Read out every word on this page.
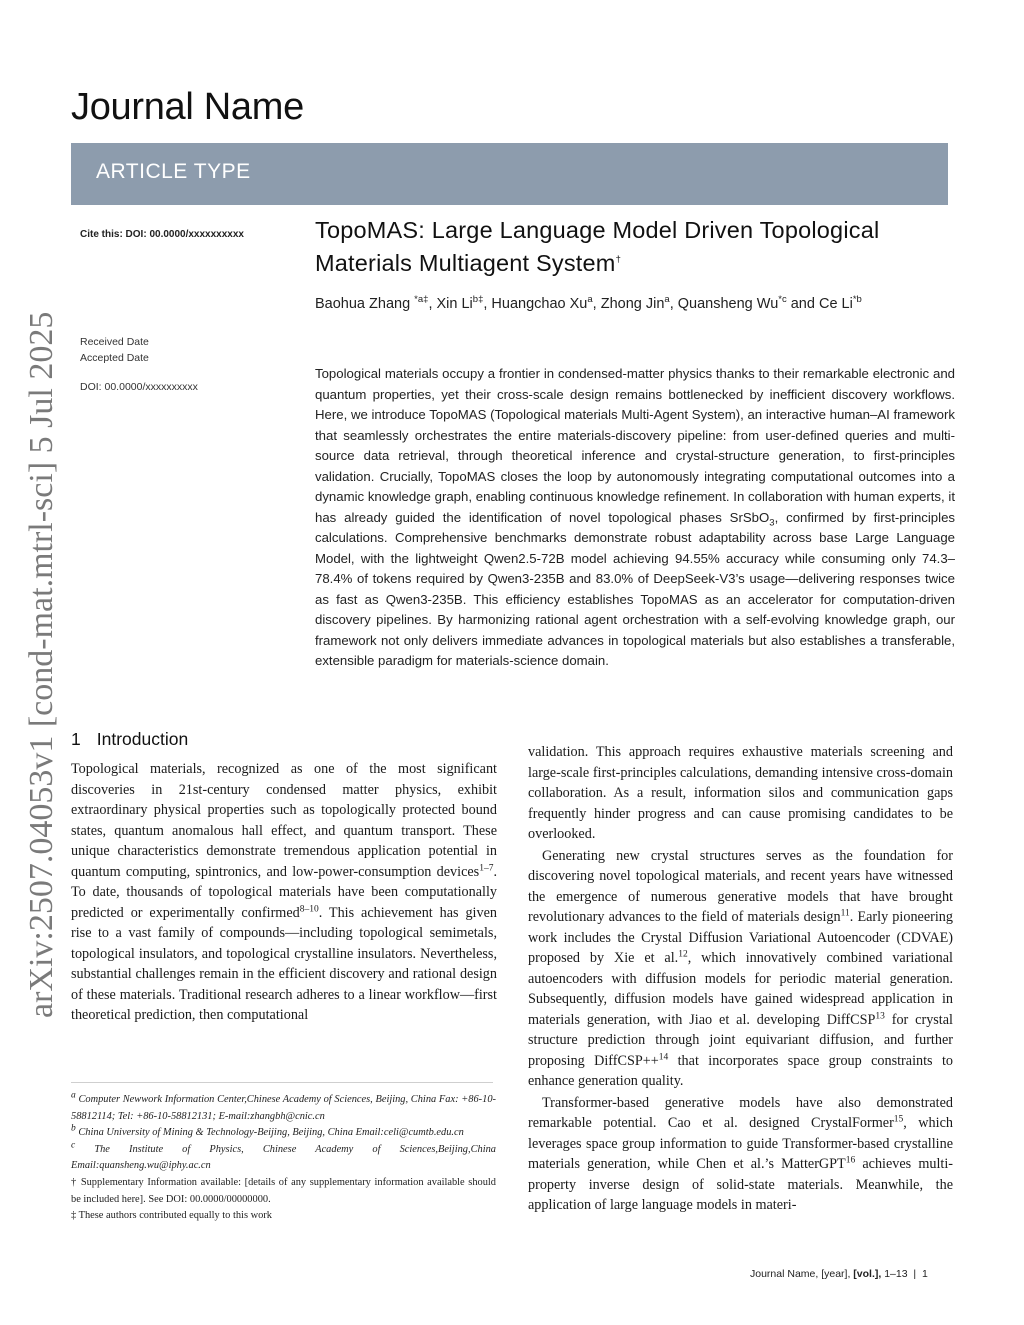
Journal Name
ARTICLE TYPE
Cite this: DOI: 00.0000/xxxxxxxxxx
Received Date
Accepted Date
DOI: 00.0000/xxxxxxxxxx
arXiv:2507.04053v1 [cond-mat.mtrl-sci] 5 Jul 2025
TopoMAS: Large Language Model Driven Topological
Materials Multiagent System†
Baohua Zhang $^{*a\ddagger}$, Xin $Li^{b\ddagger}$, Huangchao Xu$^a$, Zhong Jin$^a$, Quansheng Wu$^{*c}$ and Ce Li$^{*b}$
Topological materials occupy a frontier in condensed-matter physics thanks to their remarkable electronic and quantum properties, yet their cross-scale design remains bottlenecked by inefficient discovery workflows. Here, we introduce TopoMAS (Topological materials Multi-Agent System), an interactive human–AI framework that seamlessly orchestrates the entire materials-discovery pipeline: from user-defined queries and multi-source data retrieval, through theoretical inference and crystal-structure generation, to first-principles validation. Crucially, TopoMAS closes the loop by autonomously integrating computational outcomes into a dynamic knowledge graph, enabling continuous knowledge refinement. In collaboration with human experts, it has already guided the identification of novel topological phases SrSbO$_3$, confirmed by first-principles calculations. Comprehensive benchmarks demonstrate robust adaptability across base Large Language Model, with the lightweight Qwen2.5-72B model achieving 94.55% accuracy while consuming only 74.3–78.4% of tokens required by Qwen3-235B and 83.0% of DeepSeek-V3’s usage—delivering responses twice as fast as Qwen3-235B. This efficiency establishes TopoMAS as an accelerator for computation-driven discovery pipelines. By harmonizing rational agent orchestration with a self-evolving knowledge graph, our framework not only delivers immediate advances in topological materials but also establishes a transferable, extensible paradigm for materials-science domain.
1 Introduction

Topological materials, recognized as one of the most significant discoveries in 21st-century condensed matter physics, exhibit extraordinary physical properties such as topologically protected bound states, quantum anomalous hall effect, and quantum transport. These unique characteristics demonstrate tremendous application potential in quantum computing, spintronics, and low-power-consumption devices$^{1-7}$. To date, thousands of topological materials have been computationally predicted or experimentally confirmed$^{8-10}$. This achievement has given rise to a vast family of compounds—including topological semimetals, topological insulators, and topological crystalline insulators. Nevertheless, substantial challenges remain in the efficient discovery and rational design of these materials. Traditional research adheres to a linear workflow—first theoretical prediction, then computational

validation. This approach requires exhaustive materials screening and large-scale first-principles calculations, demanding intensive cross-domain collaboration. As a result, information silos and communication gaps frequently hinder progress and can cause promising candidates to be overlooked.

Generating new crystal structures serves as the foundation for discovering novel topological materials, and recent years have witnessed the emergence of numerous generative models that have brought revolutionary advances to the field of materials design$^{11}$. Early pioneering work includes the Crystal Diffusion Variational Autoencoder (CDVAE) proposed by Xie et al.$^{12}$, which innovatively combined variational autoencoders with diffusion models for periodic material generation. Subsequently, diffusion models have gained widespread application in materials generation, with Jiao et al. developing DiffCSP$^{13}$ for crystal structure prediction through joint equivariant diffusion, and further proposing DiffCSP++$^{14}$ that incorporates space group constraints to enhance generation quality.

Transformer-based generative models have also demonstrated remarkable potential. Cao et al. designed CrystalFormer$^{15}$, which leverages space group information to guide Transformer-based crystalline materials generation, while Chen et al.’s MatterGPT$^{16}$ achieves multi-property inverse design of solid-state materials. Meanwhile, the application of large language models in materi-

$^a$ Computer Newwork Information Center,Chinese Academy of Sciences, Beijing, China Fax: +86-10-58812114; Tel: +86-10-58812131; E-mail:zhangbh@cnic.cn
$^b$ China University of Mining & Technology-Beijing, Beijing, China Email:celi@cumtb.edu.cn
$^c$ The Institute of Physics, Chinese Academy of Sciences,Beijing,China Email:quansheng.wu@iphy.ac.cn
† Supplementary Information available: [details of any supplementary information available should be included here]. See DOI: 00.0000/00000000.
‡ These authors contributed equally to this work
Journal Name, [year], [vol.], 1–13  |  1
